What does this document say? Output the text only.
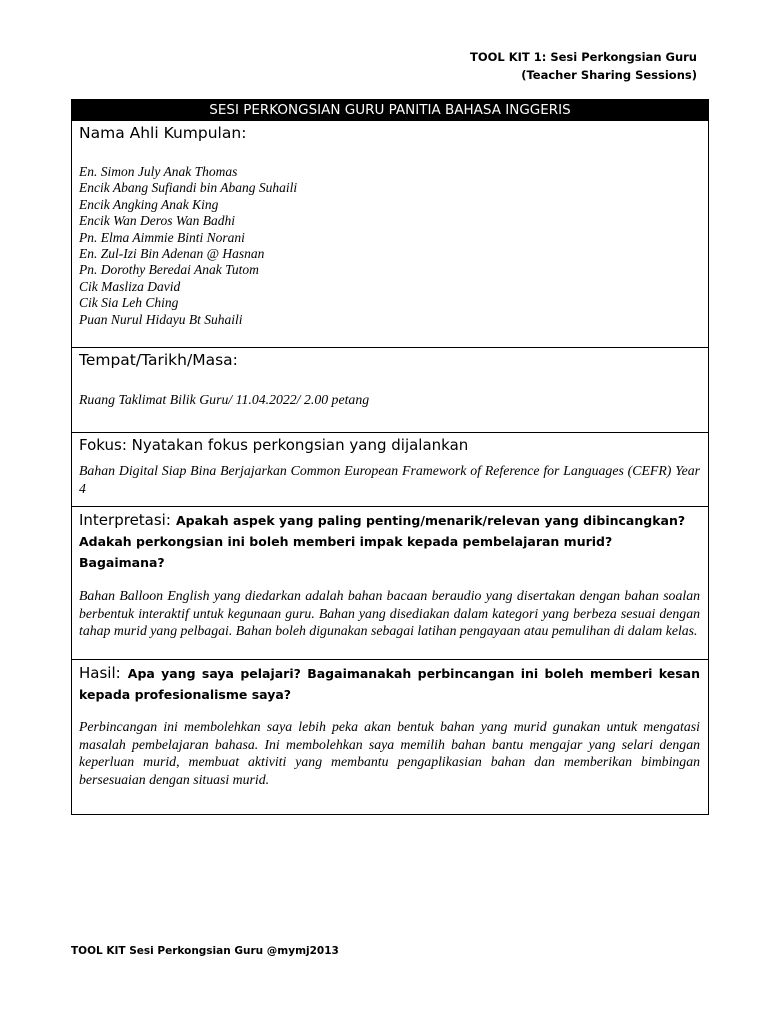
TOOL KIT 1: Sesi Perkongsian Guru
(Teacher Sharing Sessions)
SESI PERKONGSIAN GURU PANITIA BAHASA INGGERIS
Nama Ahli Kumpulan:
En. Simon July Anak Thomas
Encik Abang Sufiandi bin Abang Suhaili
Encik Angking Anak King
Encik Wan Deros Wan Badhi
Pn. Elma Aimmie Binti Norani
En. Zul-Izi Bin Adenan @ Hasnan
Pn. Dorothy Beredai Anak Tutom
Cik Masliza David
Cik Sia Leh Ching
Puan Nurul Hidayu Bt Suhaili
Tempat/Tarikh/Masa:
Ruang Taklimat Bilik Guru/ 11.04.2022/ 2.00 petang
Fokus: Nyatakan fokus perkongsian yang dijalankan
Bahan Digital Siap Bina Berjajarkan Common European Framework of Reference for Languages (CEFR) Year 4
Interpretasi: Apakah aspek yang paling penting/menarik/relevan yang dibincangkan? Adakah perkongsian ini boleh memberi impak kepada pembelajaran murid? Bagaimana?
Bahan Balloon English yang diedarkan adalah bahan bacaan beraudio yang disertakan dengan bahan soalan berbentuk interaktif untuk kegunaan guru. Bahan yang disediakan dalam kategori yang berbeza sesuai dengan tahap murid yang pelbagai. Bahan boleh digunakan sebagai latihan pengayaan atau pemulihan di dalam kelas.
Hasil: Apa yang saya pelajari? Bagaimanakah perbincangan ini boleh memberi kesan kepada profesionalisme saya?
Perbincangan ini membolehkan saya lebih peka akan bentuk bahan yang murid gunakan untuk mengatasi masalah pembelajaran bahasa. Ini membolehkan saya memilih bahan bantu mengajar yang selari dengan keperluan murid, membuat aktiviti yang membantu pengaplikasian bahan dan memberikan bimbingan bersesuaian dengan situasi murid.
TOOL KIT Sesi Perkongsian Guru @mymj2013
